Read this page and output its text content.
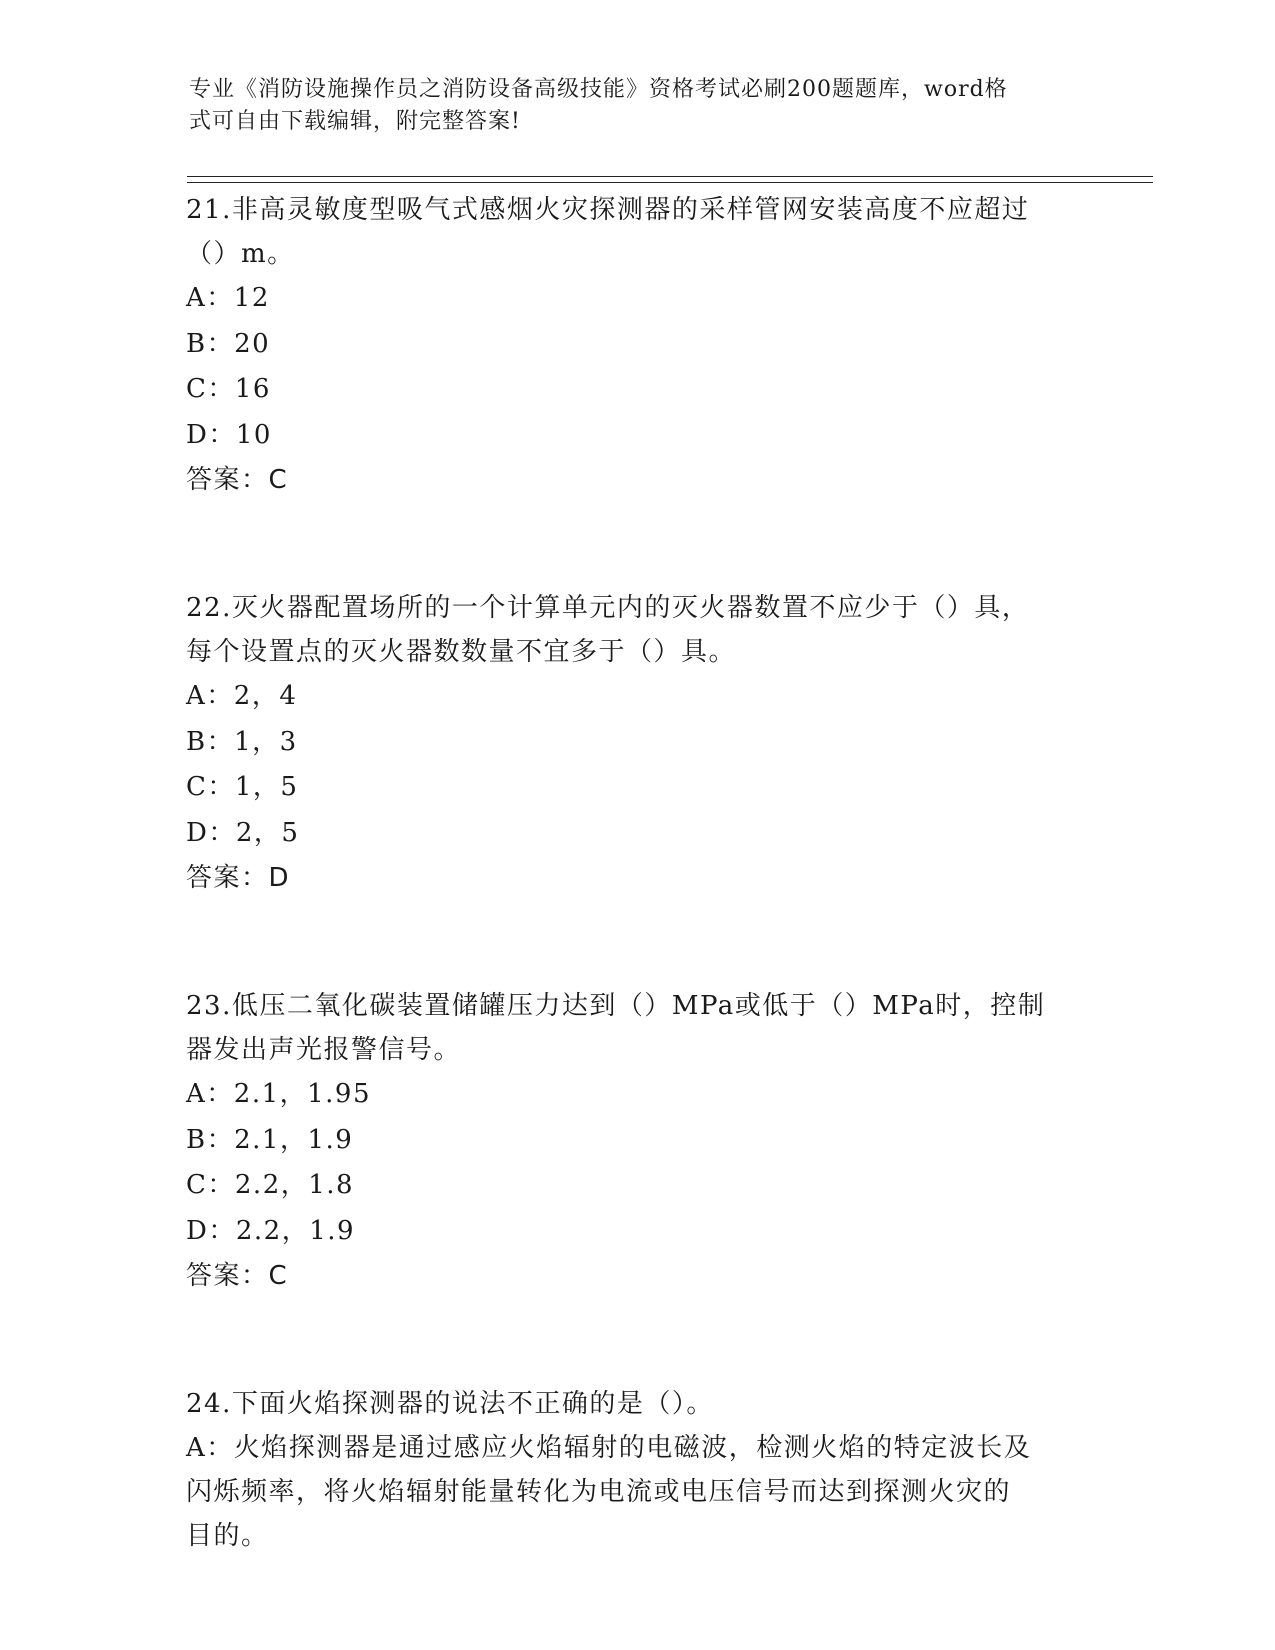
专业《消防设施操作员之消防设备高级技能》资格考试必刷200题题库，word格
式可自由下载编辑，附完整答案!

21.非高灵敏度型吸气式感烟火灾探测器的采样管网安装高度不应超过

（）m。

A：12

B：20

C：16

D：10

答案：C

22.灭火器配置场所的一个计算单元内的灭火器数置不应少于（）具，

每个设置点的灭火器数数量不宜多于（）具。

A：2，4

B：1，3

C：1，5

D：2，5

答案：D

23.低压二氧化碳装置储罐压力达到（）MPa或低于（）MPa时，控制

器发出声光报警信号。

A：2.1，1.95

B：2.1，1.9

C：2.2，1.8

D：2.2，1.9

答案：C

24.下面火焰探测器的说法不正确的是（）。

A：火焰探测器是通过感应火焰辐射的电磁波，检测火焰的特定波长及

闪烁频率，将火焰辐射能量转化为电流或电压信号而达到探测火灾的

目的。
